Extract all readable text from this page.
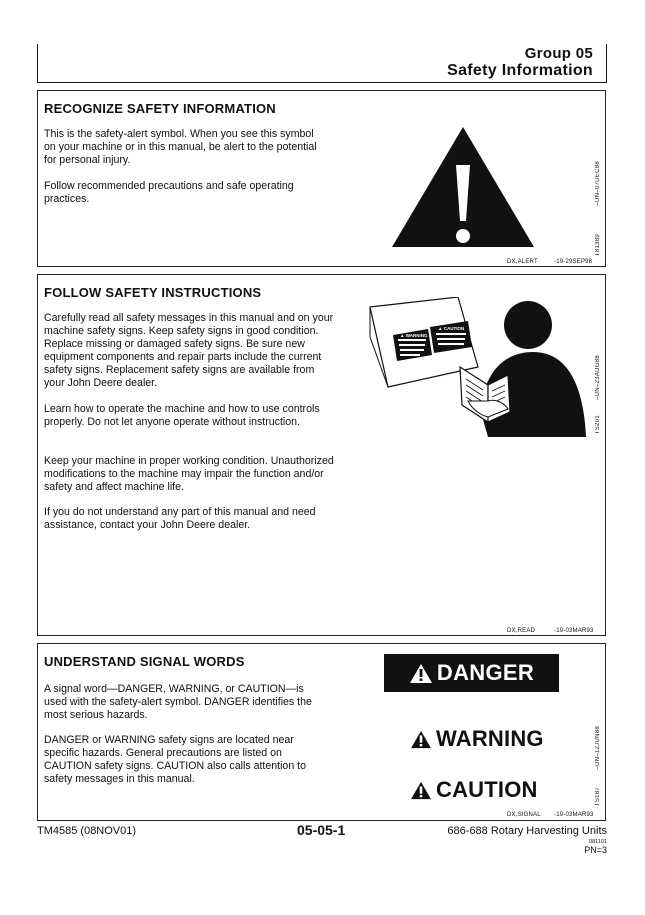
Group 05
Safety Information
RECOGNIZE SAFETY INFORMATION

This is the safety-alert symbol. When you see this symbol on your machine or in this manual, be alert to the potential for personal injury.

Follow recommended precautions and safe operating practices.	–UN–07DEC88
T81389
DX,ALERT	-19-29SEP98
FOLLOW SAFETY INSTRUCTIONS

Carefully read all safety messages in this manual and on your machine safety signs. Keep safety signs in good condition. Replace missing or damaged safety signs. Be sure new equipment components and repair parts include the current safety signs. Replacement safety signs are available from your John Deere dealer.

Learn how to operate the machine and how to use controls properly. Do not let anyone operate without instruction.

Keep your machine in proper working condition. Unauthorized modifications to the machine may impair the function and/or safety and affect machine life.

If you do not understand any part of this manual and need assistance, contact your John Deere dealer.

▲ WARNING
▲ CAUTION
–UN–23AUG88
TS201
DX,READ	-19-03MAR93
UNDERSTAND SIGNAL WORDS

A signal word—DANGER, WARNING, or CAUTION—is used with the safety-alert symbol. DANGER identifies the most serious hazards.

DANGER or WARNING safety signs are located near specific hazards. General precautions are listed on CAUTION safety signs. CAUTION also calls attention to safety messages in this manual.

DANGER
WARNING
CAUTION
–UN–12JUN88
TS187
DX,SIGNAL -19-03MAR93
TM4585 (08NOV01)	05-05-1	686-688 Rotary Harvesting Units
081101
PN=3
